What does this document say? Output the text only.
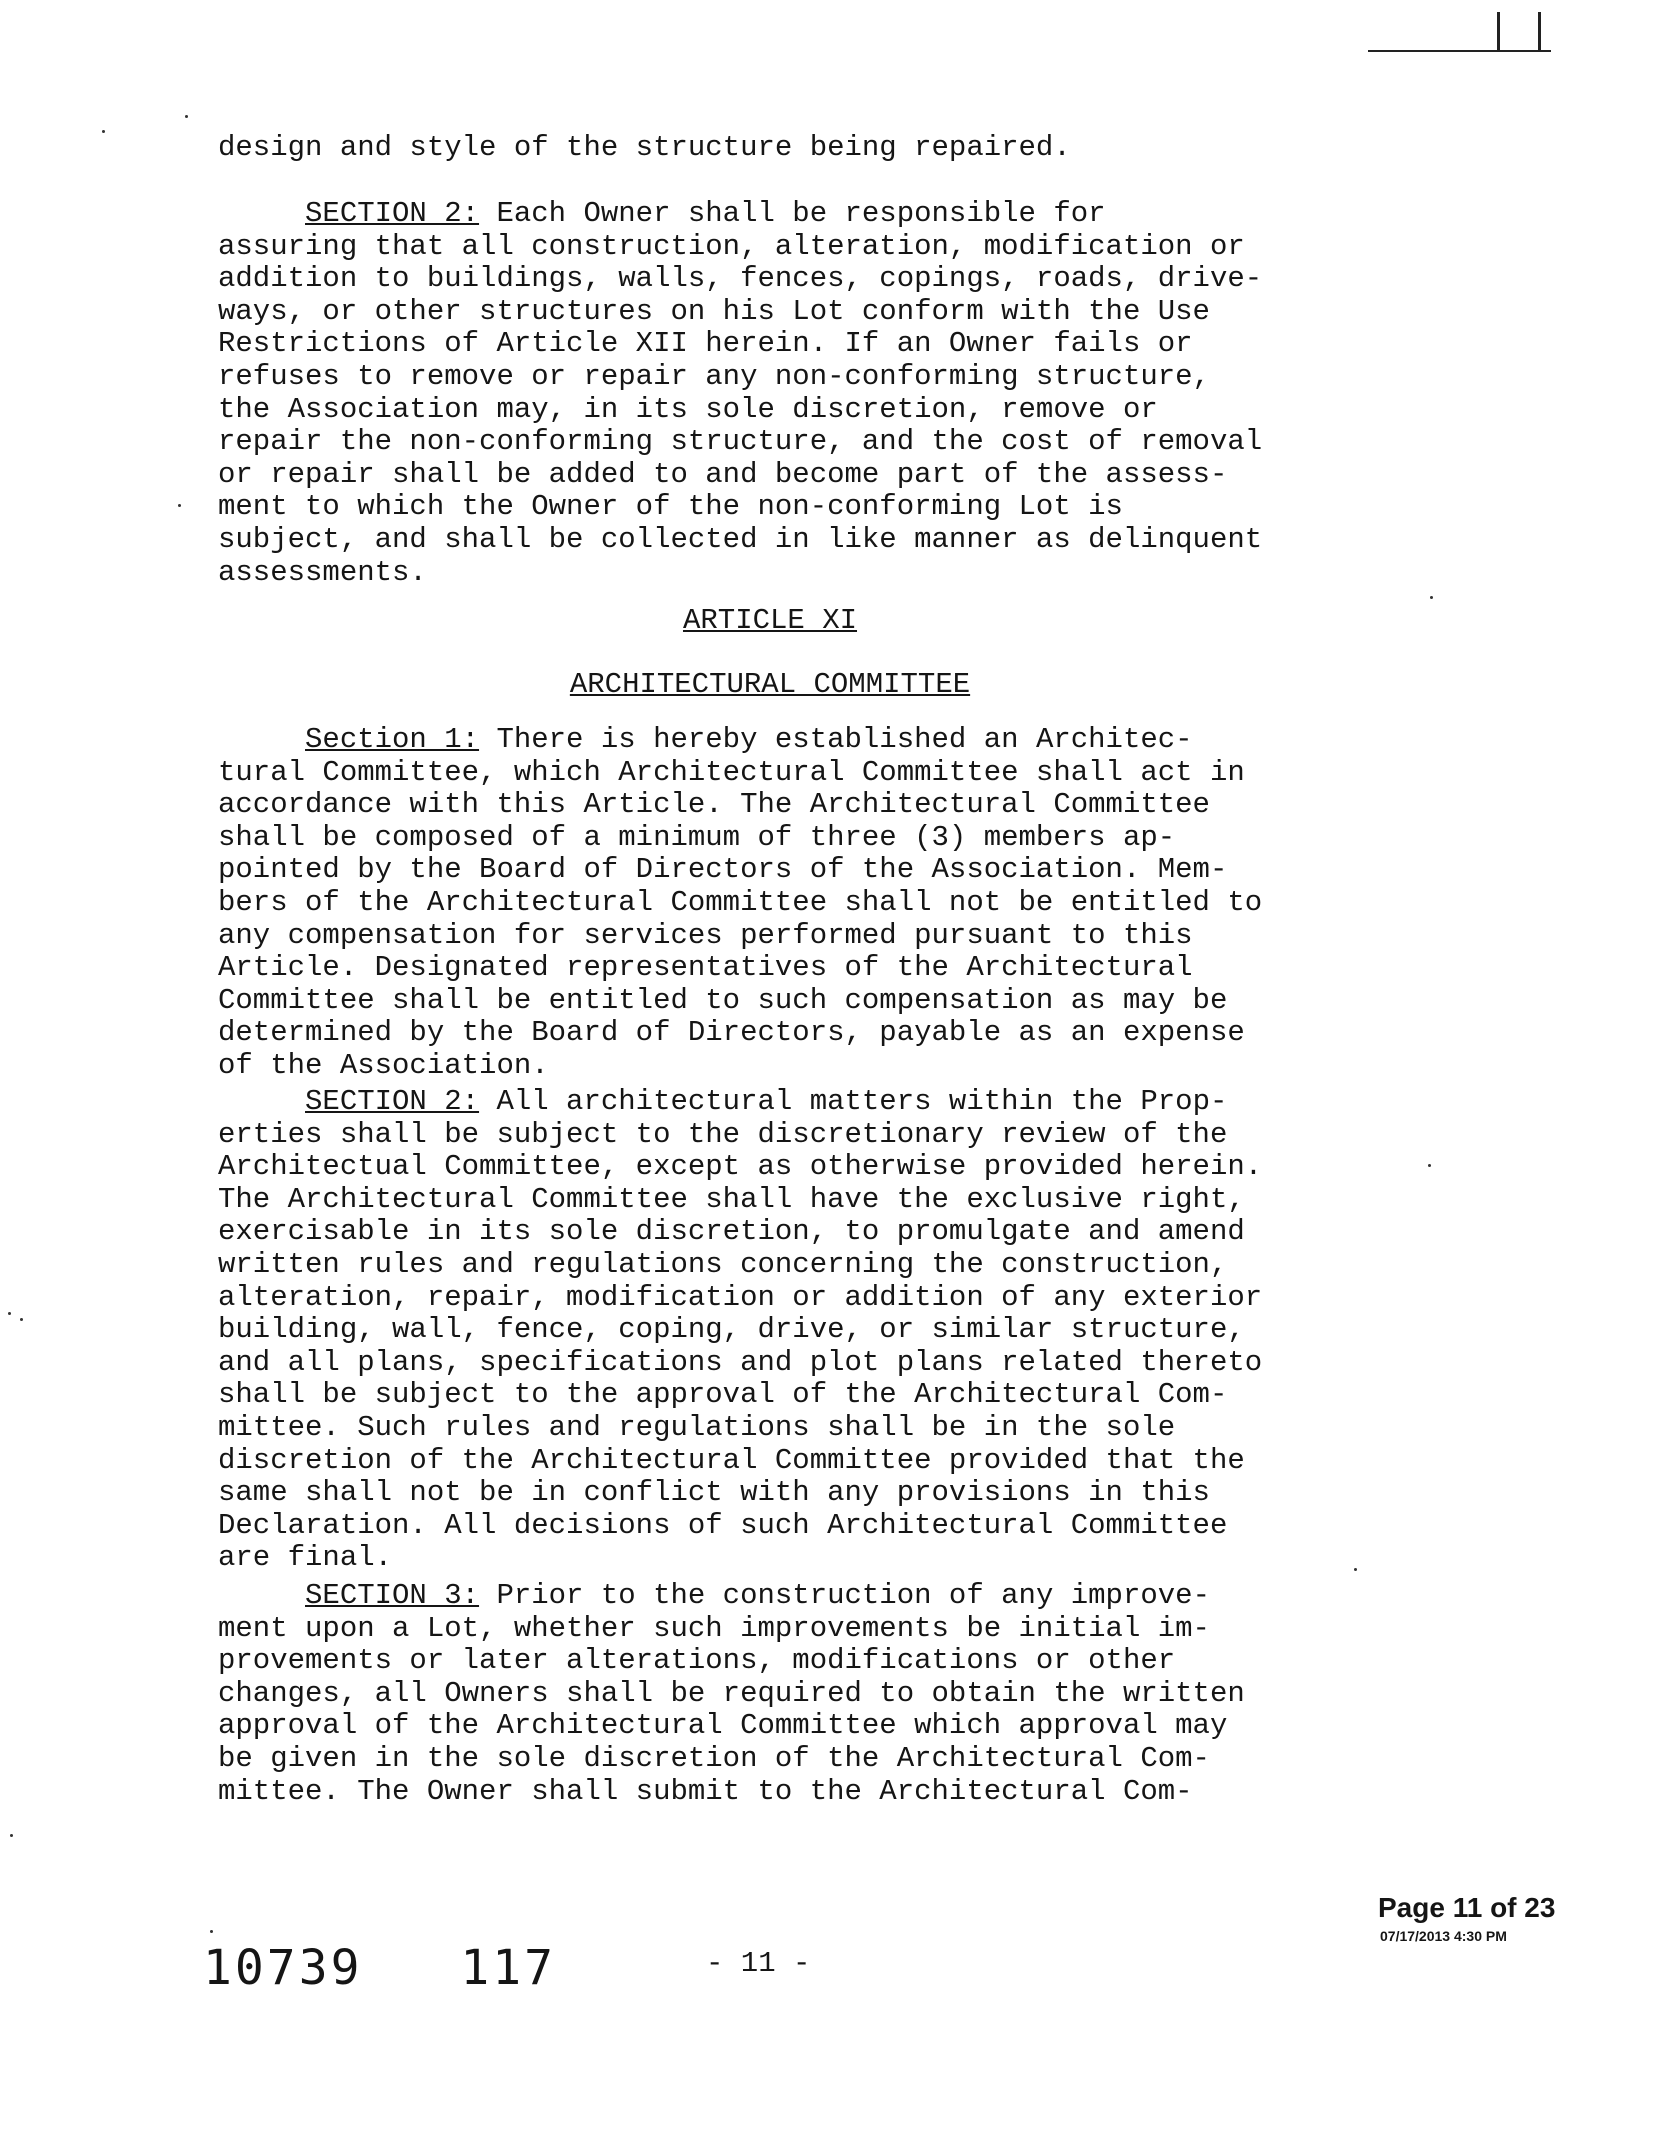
design and style of the structure being repaired.

SECTION 2: Each Owner shall be responsible for

assuring that all construction, alteration, modification or

addition to buildings, walls, fences, copings, roads, drive-

ways, or other structures on his Lot conform with the Use

Restrictions of Article XII herein. If an Owner fails or

refuses to remove or repair any non-conforming structure,

the Association may, in its sole discretion, remove or

repair the non-conforming structure, and the cost of removal

or repair shall be added to and become part of the assess-

ment to which the Owner of the non-conforming Lot is

subject, and shall be collected in like manner as delinquent

assessments.

ARTICLE XI
ARCHITECTURAL COMMITTEE

Section 1: There is hereby established an Architec-

tural Committee, which Architectural Committee shall act in

accordance with this Article. The Architectural Committee

shall be composed of a minimum of three (3) members ap-

pointed by the Board of Directors of the Association. Mem-

bers of the Architectural Committee shall not be entitled to

any compensation for services performed pursuant to this

Article. Designated representatives of the Architectural

Committee shall be entitled to such compensation as may be

determined by the Board of Directors, payable as an expense

of the Association.

SECTION 2: All architectural matters within the Prop-

erties shall be subject to the discretionary review of the

Architectual Committee, except as otherwise provided herein.

The Architectural Committee shall have the exclusive right,

exercisable in its sole discretion, to promulgate and amend

written rules and regulations concerning the construction,

alteration, repair, modification or addition of any exterior

building, wall, fence, coping, drive, or similar structure,

and all plans, specifications and plot plans related thereto

shall be subject to the approval of the Architectural Com-

mittee. Such rules and regulations shall be in the sole

discretion of the Architectural Committee provided that the

same shall not be in conflict with any provisions in this

Declaration. All decisions of such Architectural Committee

are final.

SECTION 3: Prior to the construction of any improve-

ment upon a Lot, whether such improvements be initial im-

provements or later alterations, modifications or other

changes, all Owners shall be required to obtain the written

approval of the Architectural Committee which approval may

be given in the sole discretion of the Architectural Com-

mittee. The Owner shall submit to the Architectural Com-

Page 11 of 23
07/17/2013 4:30 PM
10739 117	- 11 -
